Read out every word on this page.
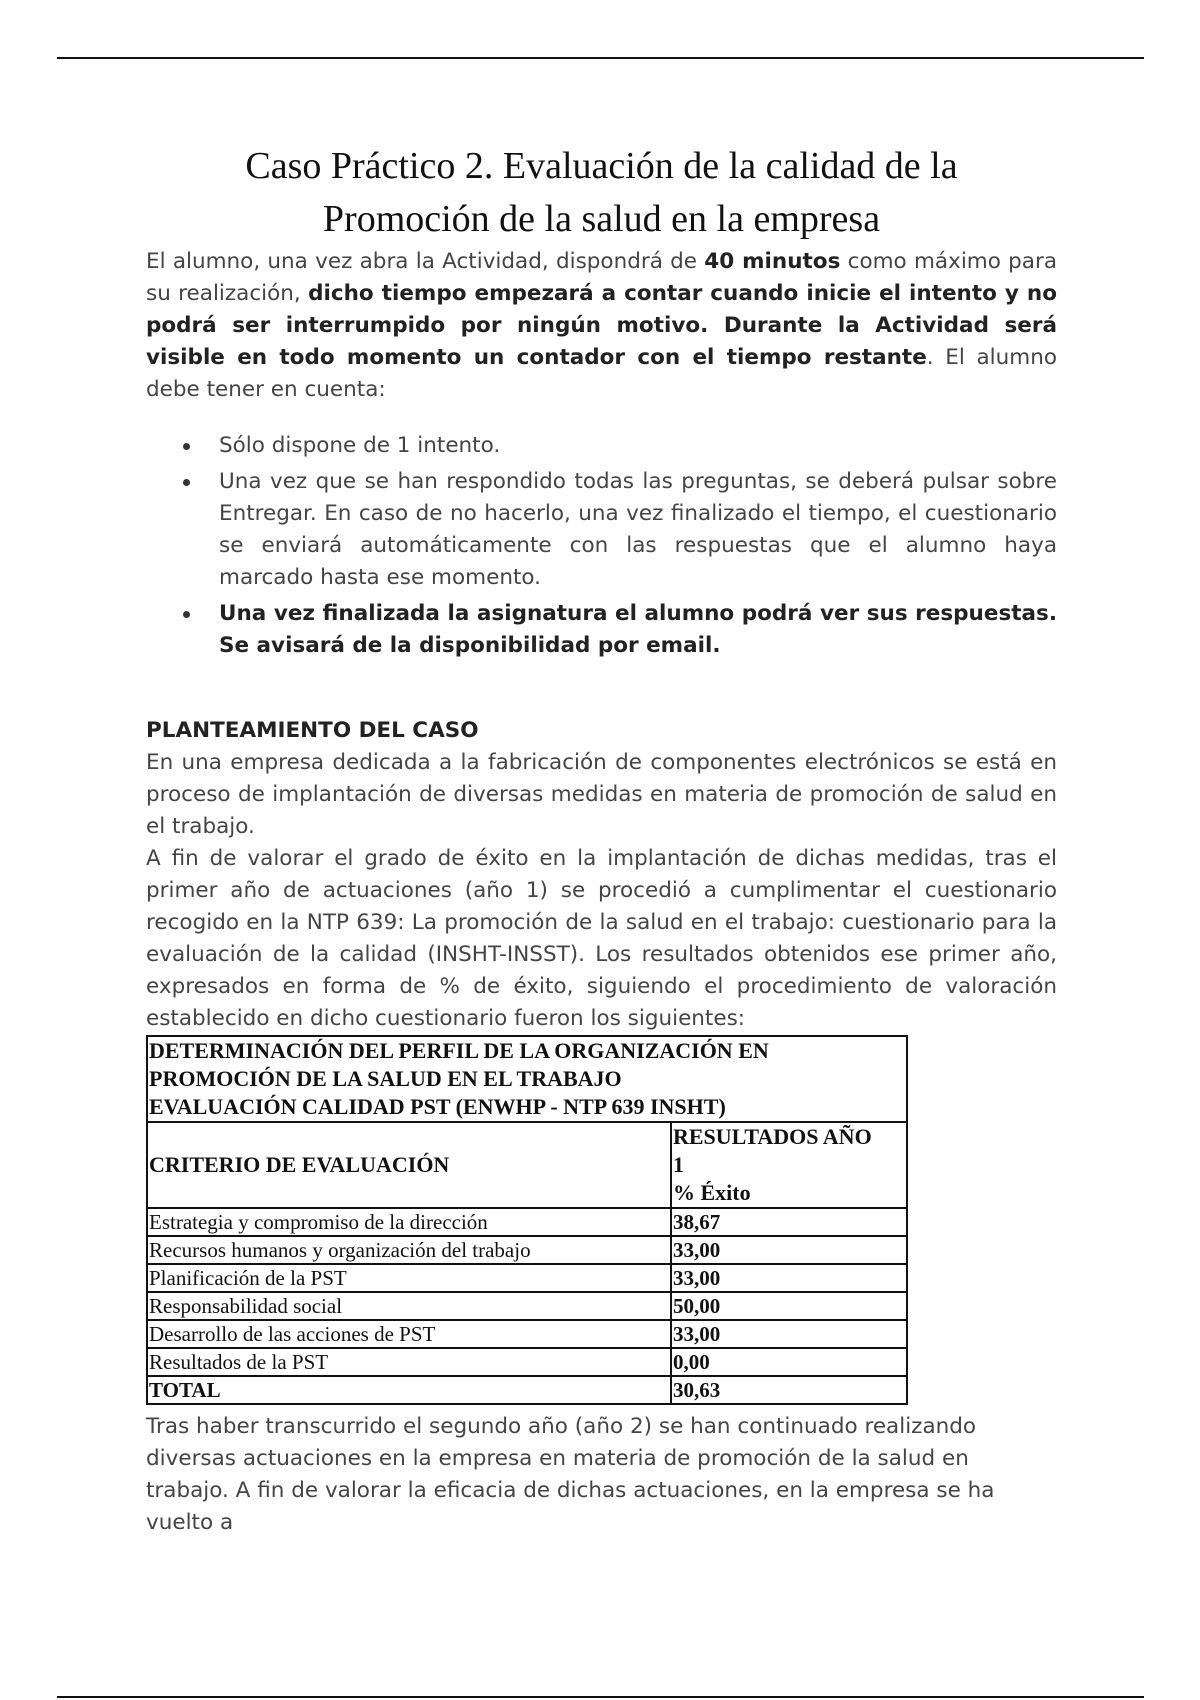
Caso Práctico 2. Evaluación de la calidad de la
Promoción de la salud en la empresa

El alumno, una vez abra la Actividad, dispondrá de 40 minutos como máximo para su realización, dicho tiempo empezará a contar cuando inicie el intento y no podrá ser interrumpido por ningún motivo. Durante la Actividad será visible en todo momento un contador con el tiempo restante. El alumno debe tener en cuenta:

Sólo dispone de 1 intento.
Una vez que se han respondido todas las preguntas, se deberá pulsar sobre Entregar. En caso de no hacerlo, una vez finalizado el tiempo, el cuestionario se enviará automáticamente con las respuestas que el alumno haya marcado hasta ese momento.
Una vez finalizada la asignatura el alumno podrá ver sus respuestas. Se avisará de la disponibilidad por email.
PLANTEAMIENTO DEL CASO

En una empresa dedicada a la fabricación de componentes electrónicos se está en proceso de implantación de diversas medidas en materia de promoción de salud en el trabajo.

A fin de valorar el grado de éxito en la implantación de dichas medidas, tras el primer año de actuaciones (año 1) se procedió a cumplimentar el cuestionario recogido en la NTP 639: La promoción de la salud en el trabajo: cuestionario para la evaluación de la calidad (INSHT-INSST). Los resultados obtenidos ese primer año, expresados en forma de % de éxito, siguiendo el procedimiento de valoración establecido en dicho cuestionario fueron los siguientes:

DETERMINACIÓN DEL PERFIL DE LA ORGANIZACIÓN EN
PROMOCIÓN DE LA SALUD EN EL TRABAJO
EVALUACIÓN CALIDAD PST (ENWHP - NTP 639 INSHT)	
CRITERIO DE EVALUACIÓN	RESULTADOS AÑO
1
% Éxito
Estrategia y compromiso de la dirección	38,67
Recursos humanos y organización del trabajo	33,00
Planificación de la PST	33,00
Responsabilidad social	50,00
Desarrollo de las acciones de PST	33,00
Resultados de la PST	0,00
TOTAL	30,63

Tras haber transcurrido el segundo año (año 2) se han continuado realizando diversas actuaciones en la empresa en materia de promoción de la salud en trabajo. A fin de valorar la eficacia de dichas actuaciones, en la empresa se ha vuelto a
